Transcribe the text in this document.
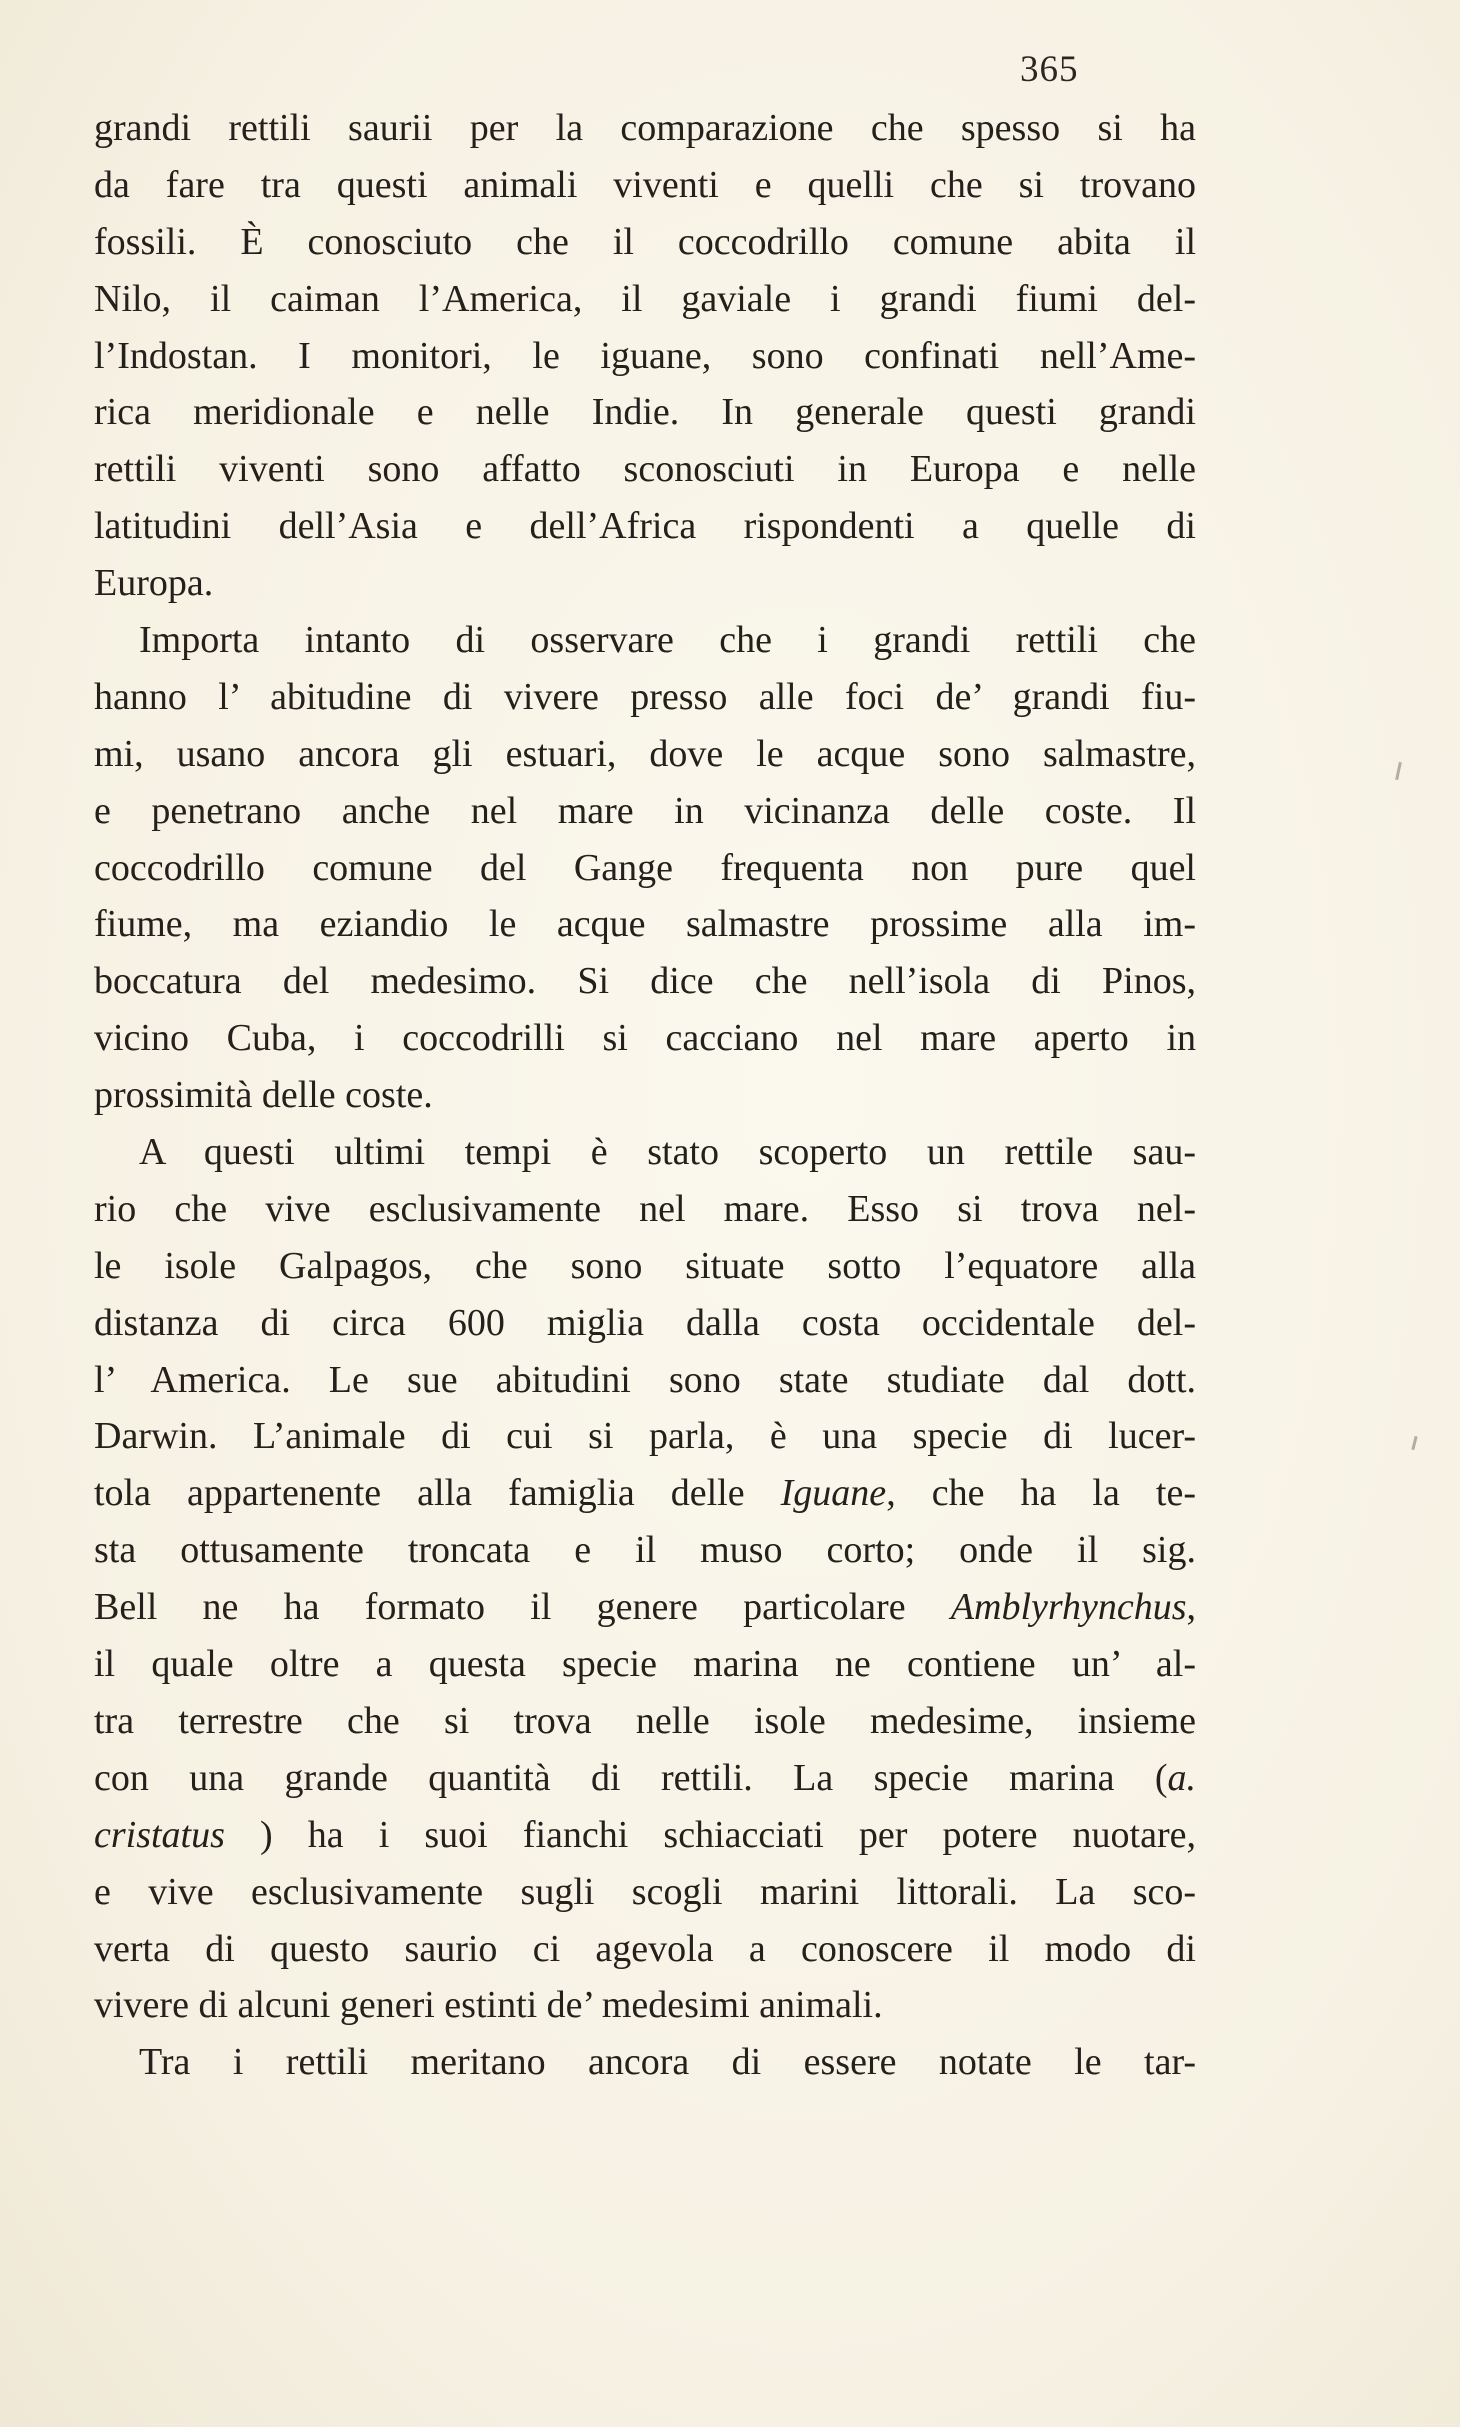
365
grandi rettili saurii per la comparazione che spesso si ha
da fare tra questi animali viventi e quelli che si trovano
fossili. È conosciuto che il coccodrillo comune abita il
Nilo, il caiman l’America, il gaviale i grandi fiumi del-
l’Indostan. I monitori, le iguane, sono confinati nell’Ame-
rica meridionale e nelle Indie. In generale questi grandi
rettili viventi sono affatto sconosciuti in Europa e nelle
latitudini dell’Asia e dell’Africa rispondenti a quelle di
Europa.
Importa intanto di osservare che i grandi rettili che
hanno l’ abitudine di vivere presso alle foci de’ grandi fiu-
mi, usano ancora gli estuari, dove le acque sono salmastre,
e penetrano anche nel mare in vicinanza delle coste. Il
coccodrillo comune del Gange frequenta non pure quel
fiume, ma eziandio le acque salmastre prossime alla im-
boccatura del medesimo. Si dice che nell’isola di Pinos,
vicino Cuba, i coccodrilli si cacciano nel mare aperto in
prossimità delle coste.
A questi ultimi tempi è stato scoperto un rettile sau-
rio che vive esclusivamente nel mare. Esso si trova nel-
le isole Galpagos, che sono situate sotto l’equatore alla
distanza di circa 600 miglia dalla costa occidentale del-
l’ America. Le sue abitudini sono state studiate dal dott.
Darwin. L’animale di cui si parla, è una specie di lucer-
tola appartenente alla famiglia delle Iguane, che ha la te-
sta ottusamente troncata e il muso corto; onde il sig.
Bell ne ha formato il genere particolare Amblyrhynchus,
il quale oltre a questa specie marina ne contiene un’ al-
tra terrestre che si trova nelle isole medesime, insieme
con una grande quantità di rettili. La specie marina (a.
cristatus ) ha i suoi fianchi schiacciati per potere nuotare,
e vive esclusivamente sugli scogli marini littorali. La sco-
verta di questo saurio ci agevola a conoscere il modo di
vivere di alcuni generi estinti de’ medesimi animali.
Tra i rettili meritano ancora di essere notate le tar-
